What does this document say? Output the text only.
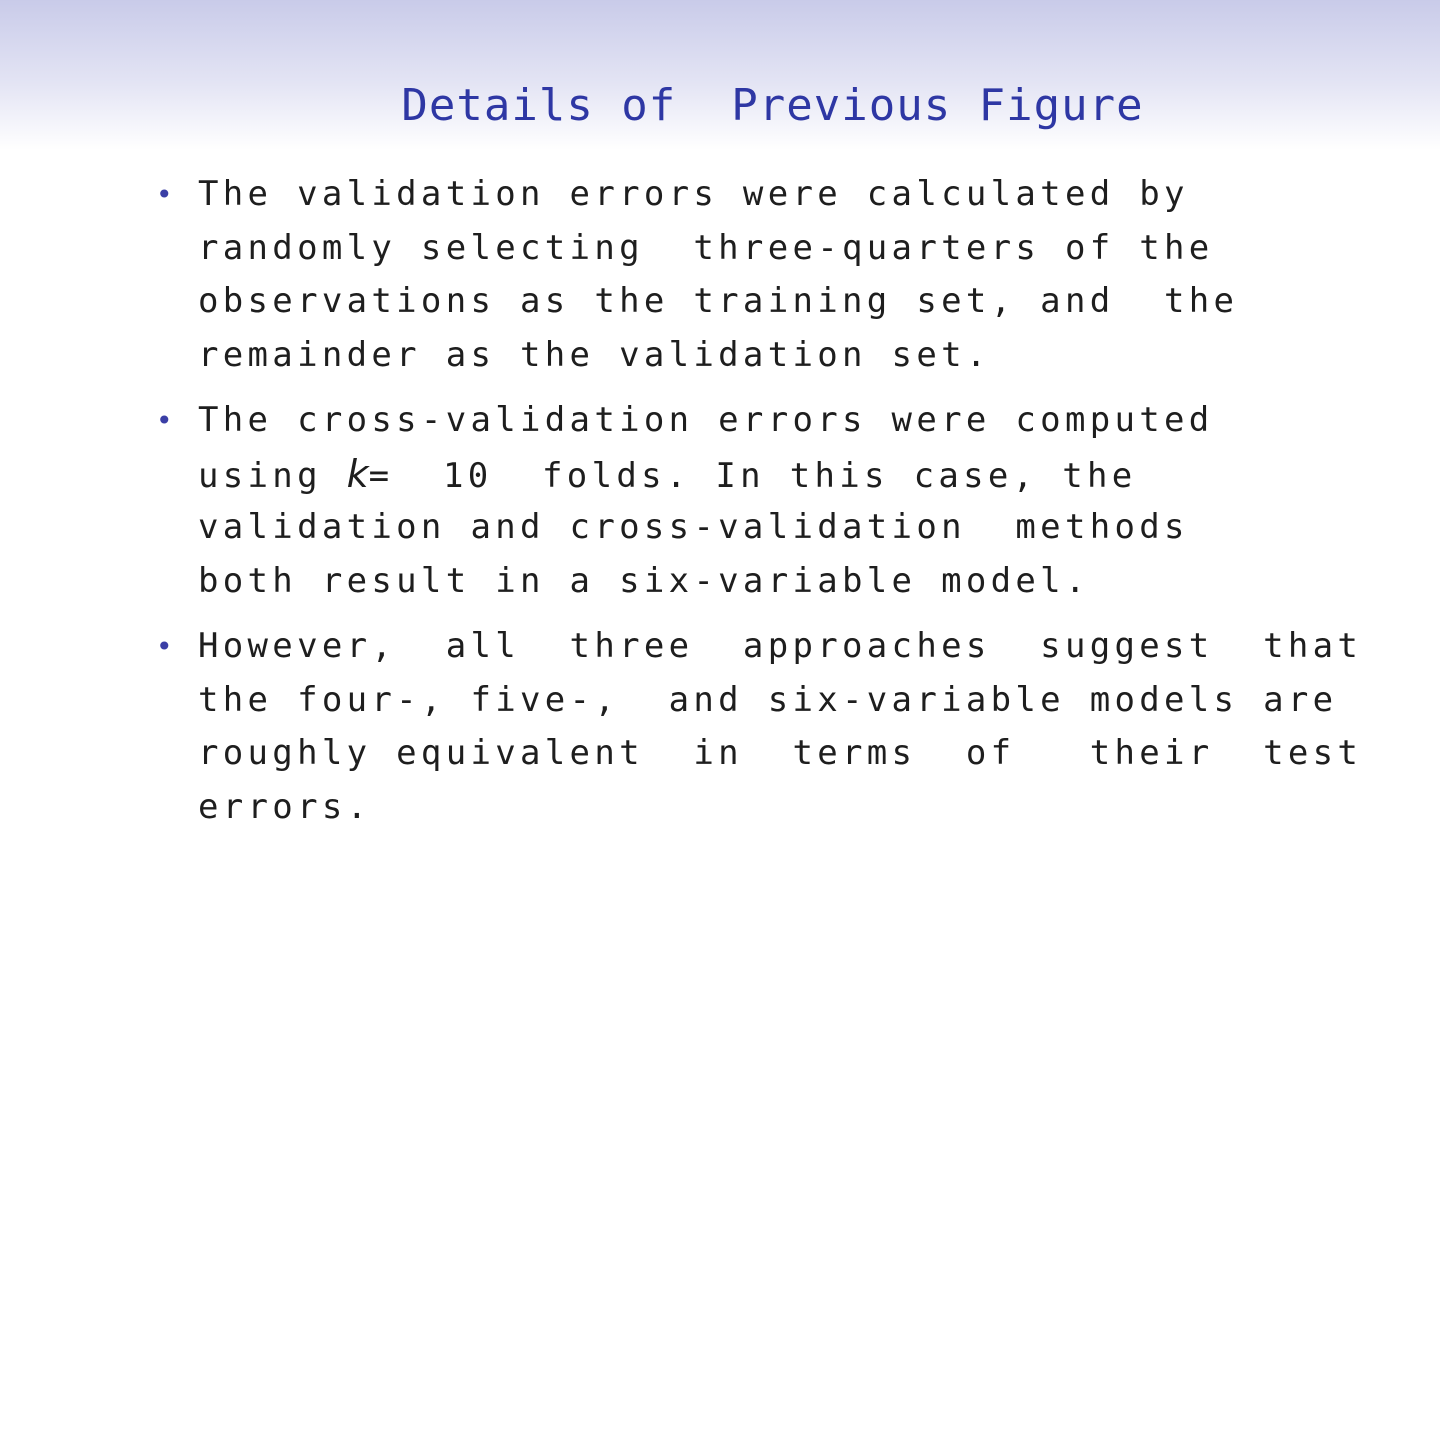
Details of  Previous Figure
• The validation errors were calculated by
randomly selecting  three-quarters of the
observations as the training set, and  the
remainder as the validation set.
• The cross-validation errors were computed
using k=  10  folds. In this case, the
validation and cross-validation  methods
both result in a six-variable model.
• However,  all  three  approaches  suggest  that
the four-, five-,  and six-variable models are
roughly equivalent  in  terms  of   their  test
errors.
